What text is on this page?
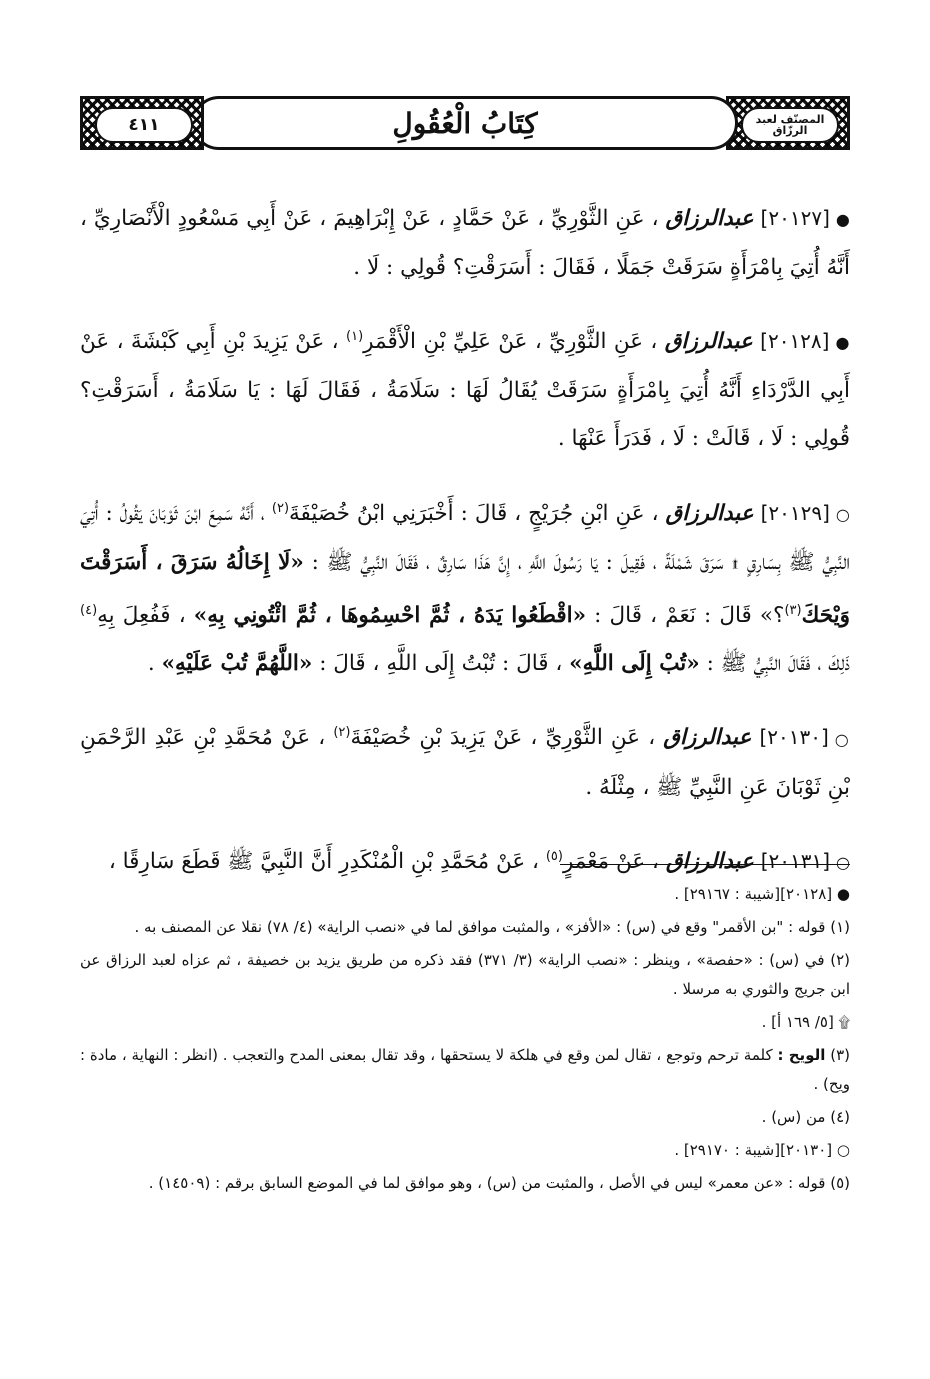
المصنّف لعبد الرزّاق
كِتَابُ الْعُقُولِ
٤١١

●[٢٠١٢٧] عبدالرزاق ، عَنِ الثَّوْرِيِّ ، عَنْ حَمَّادٍ ، عَنْ إِبْرَاهِيمَ ، عَنْ أَبِي مَسْعُودٍ الْأَنْصَارِيِّ ، أَنَّهُ أُتِيَ بِامْرَأَةٍ سَرَقَتْ جَمَلًا ، فَقَالَ : أَسَرَقْتِ؟ قُولِي : لَا .

●[٢٠١٢٨] عبدالرزاق ، عَنِ الثَّوْرِيِّ ، عَنْ عَلِيِّ بْنِ الْأَقْمَرِ$^{(١)}$ ، عَنْ يَزِيدَ بْنِ أَبِي كَبْشَةَ ، عَنْ أَبِي الدَّرْدَاءِ أَنَّهُ أُتِيَ بِامْرَأَةٍ سَرَقَتْ يُقَالُ لَهَا : سَلَامَةُ ، فَقَالَ لَهَا : يَا سَلَامَةُ ، أَسَرَقْتِ؟ قُولِي : لَا ، قَالَتْ : لَا ، فَدَرَأَ عَنْهَا .

○[٢٠١٢٩] عبدالرزاق ، عَنِ ابْنِ جُرَيْجٍ ، قَالَ : أَخْبَرَنِي ابْنُ خُصَيْفَةَ$^{(٢)}$ ، أَنَّهُ سَمِعَ ابْنَ ثَوْبَانَ يَقُولُ : أُتِيَ النَّبِيُّ ﷺ بِسَارِقٍ ۩ سَرَقَ شَمْلَةً ، فَقِيلَ : يَا رَسُولَ اللَّهِ ، إِنَّ هَذَا سَارِقٌ ، فَقَالَ النَّبِيُّ ﷺ : «لَا إِخَالُهُ سَرَقَ ، أَسَرَقْتَ وَيْحَكَ$^{(٣)}$؟» قَالَ : نَعَمْ ، قَالَ : «اقْطَعُوا يَدَهُ ، ثُمَّ احْسِمُوهَا ، ثُمَّ ائْتُونِي بِهِ» ، فَفُعِلَ بِهِ$^{(٤)}$ ذَلِكَ ، فَقَالَ النَّبِيُّ ﷺ : «تُبْ إِلَى اللَّهِ» ، قَالَ : تُبْتُ إِلَى اللَّهِ ، قَالَ : «اللَّهُمَّ تُبْ عَلَيْهِ» .

○[٢٠١٣٠] عبدالرزاق ، عَنِ الثَّوْرِيِّ ، عَنْ يَزِيدَ بْنِ خُصَيْفَةَ$^{(٢)}$ ، عَنْ مُحَمَّدِ بْنِ عَبْدِ الرَّحْمَنِ بْنِ ثَوْبَانَ عَنِ النَّبِيِّ ﷺ ، مِثْلَهُ .

○[٢٠١٣١] عبدالرزاق ، عَنْ مَعْمَرٍ$^{(٥)}$ ، عَنْ مُحَمَّدِ بْنِ الْمُنْكَدِرِ أَنَّ النَّبِيَّ ﷺ قَطَعَ سَارِقًا ،

● [٢٠١٢٨][شيبة : ٢٩١٦٧] .
(١) قوله : "بن الأقمر" وقع في (س) : «الأفز» ، والمثبت موافق لما في «نصب الراية» (٤/ ٧٨) نقلا عن المصنف به .
(٢) في (س) : «حفصة» ، وينظر : «نصب الراية» (٣/ ٣٧١) فقد ذكره من طريق يزيد بن خصيفة ، ثم عزاه لعبد الرزاق عن ابن جريج والثوري به مرسلا .
۩ [٥/ ١٦٩ أ] .
(٣) الويح : كلمة ترحم وتوجع ، تقال لمن وقع في هلكة لا يستحقها ، وقد تقال بمعنى المدح والتعجب . (انظر : النهاية ، مادة : ويح) .
(٤) من (س) .
○ [٢٠١٣٠][شيبة : ٢٩١٧٠] .
(٥) قوله : «عن معمر» ليس في الأصل ، والمثبت من (س) ، وهو موافق لما في الموضع السابق برقم : (١٤٥٠٩) .
